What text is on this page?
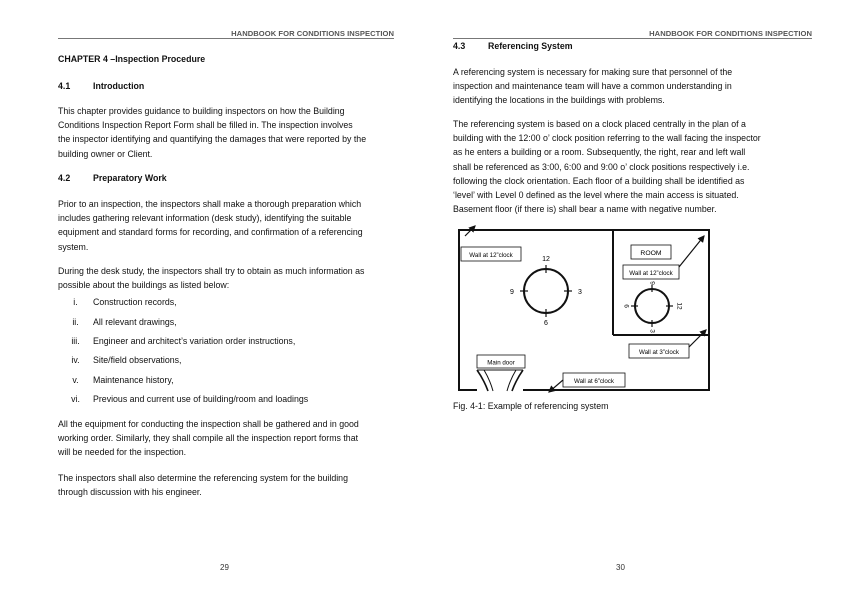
HANDBOOK FOR CONDITIONS INSPECTION
CHAPTER 4 –Inspection Procedure
4.1	Introduction
This chapter provides guidance to building inspectors on how the Building
Conditions Inspection Report Form shall be filled in. The inspection involves
the inspector identifying and quantifying the damages that were reported by the
building owner or Client.
4.2	Preparatory Work
Prior to an inspection, the inspectors shall make a thorough preparation which
includes gathering relevant information (desk study), identifying the suitable
equipment and standard forms for recording, and confirmation of a referencing
system.
During the desk study, the inspectors shall try to obtain as much information as
possible about the buildings as listed below:
i. Construction records,
ii. All relevant drawings,
iii. Engineer and architect’s variation order instructions,
iv. Site/field observations,
v. Maintenance history,
vi. Previous and current use of building/room and loadings
All the equipment for conducting the inspection shall be gathered and in good
working order. Similarly, they shall compile all the inspection report forms that
will be needed for the inspection.
The inspectors shall also determine the referencing system for the building
through discussion with his engineer.
29
HANDBOOK FOR CONDITIONS INSPECTION
4.3	Referencing System
A referencing system is necessary for making sure that personnel of the
inspection and maintenance team will have a common understanding in
identifying the locations in the buildings with problems.
The referencing system is based on a clock placed centrally in the plan of a
building with the 12:00 o’ clock position referring to the wall facing the inspector
as he enters a building or a room. Subsequently, the right, rear and left wall
shall be referenced as 3:00, 6:00 and 9:00 o’ clock positions respectively i.e.
following the clock orientation. Each floor of a building shall be identified as
‘level’ with Level 0 defined as the level where the main access is situated.
Basement floor (if there is) shall bear a name with negative number.
Wall at 12”clock
12
9	3
6
ROOM
Wall at 12”clock
9
6	12
3
Wall at 3”clock
Main door
Wall at 6”clock
Fig. 4-1: Example of referencing system
30
